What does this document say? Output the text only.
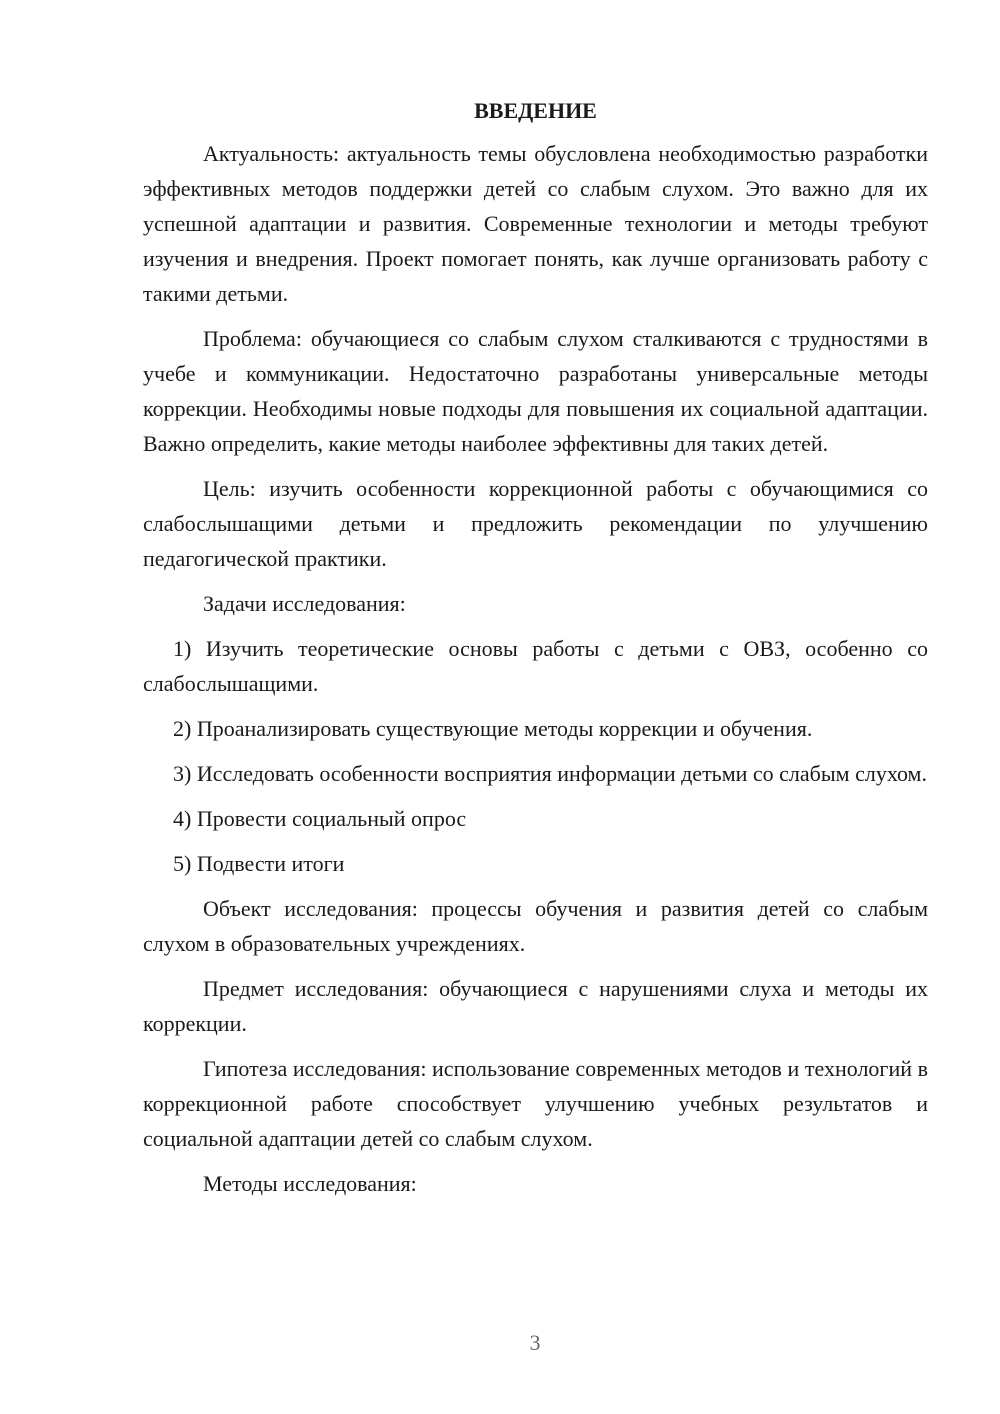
ВВЕДЕНИЕ

Актуальность: актуальность темы обусловлена необходимостью разработки эффективных методов поддержки детей со слабым слухом. Это важно для их успешной адаптации и развития. Современные технологии и методы требуют изучения и внедрения. Проект помогает понять, как лучше организовать работу с такими детьми.

Проблема: обучающиеся со слабым слухом сталкиваются с трудностями в учебе и коммуникации. Недостаточно разработаны универсальные методы коррекции. Необходимы новые подходы для повышения их социальной адаптации. Важно определить, какие методы наиболее эффективны для таких детей.

Цель: изучить особенности коррекционной работы с обучающимися со слабослышащими детьми и предложить рекомендации по улучшению педагогической практики.

Задачи исследования:

1) Изучить теоретические основы работы с детьми с ОВЗ, особенно со слабослышащими.

2) Проанализировать существующие методы коррекции и обучения.

3) Исследовать особенности восприятия информации детьми со слабым слухом.

4) Провести социальный опрос

5) Подвести итоги

Объект исследования: процессы обучения и развития детей со слабым слухом в образовательных учреждениях.

Предмет исследования: обучающиеся с нарушениями слуха и методы их коррекции.

Гипотеза исследования: использование современных методов и технологий в коррекционной работе способствует улучшению учебных результатов и социальной адаптации детей со слабым слухом.

Методы исследования:

3
